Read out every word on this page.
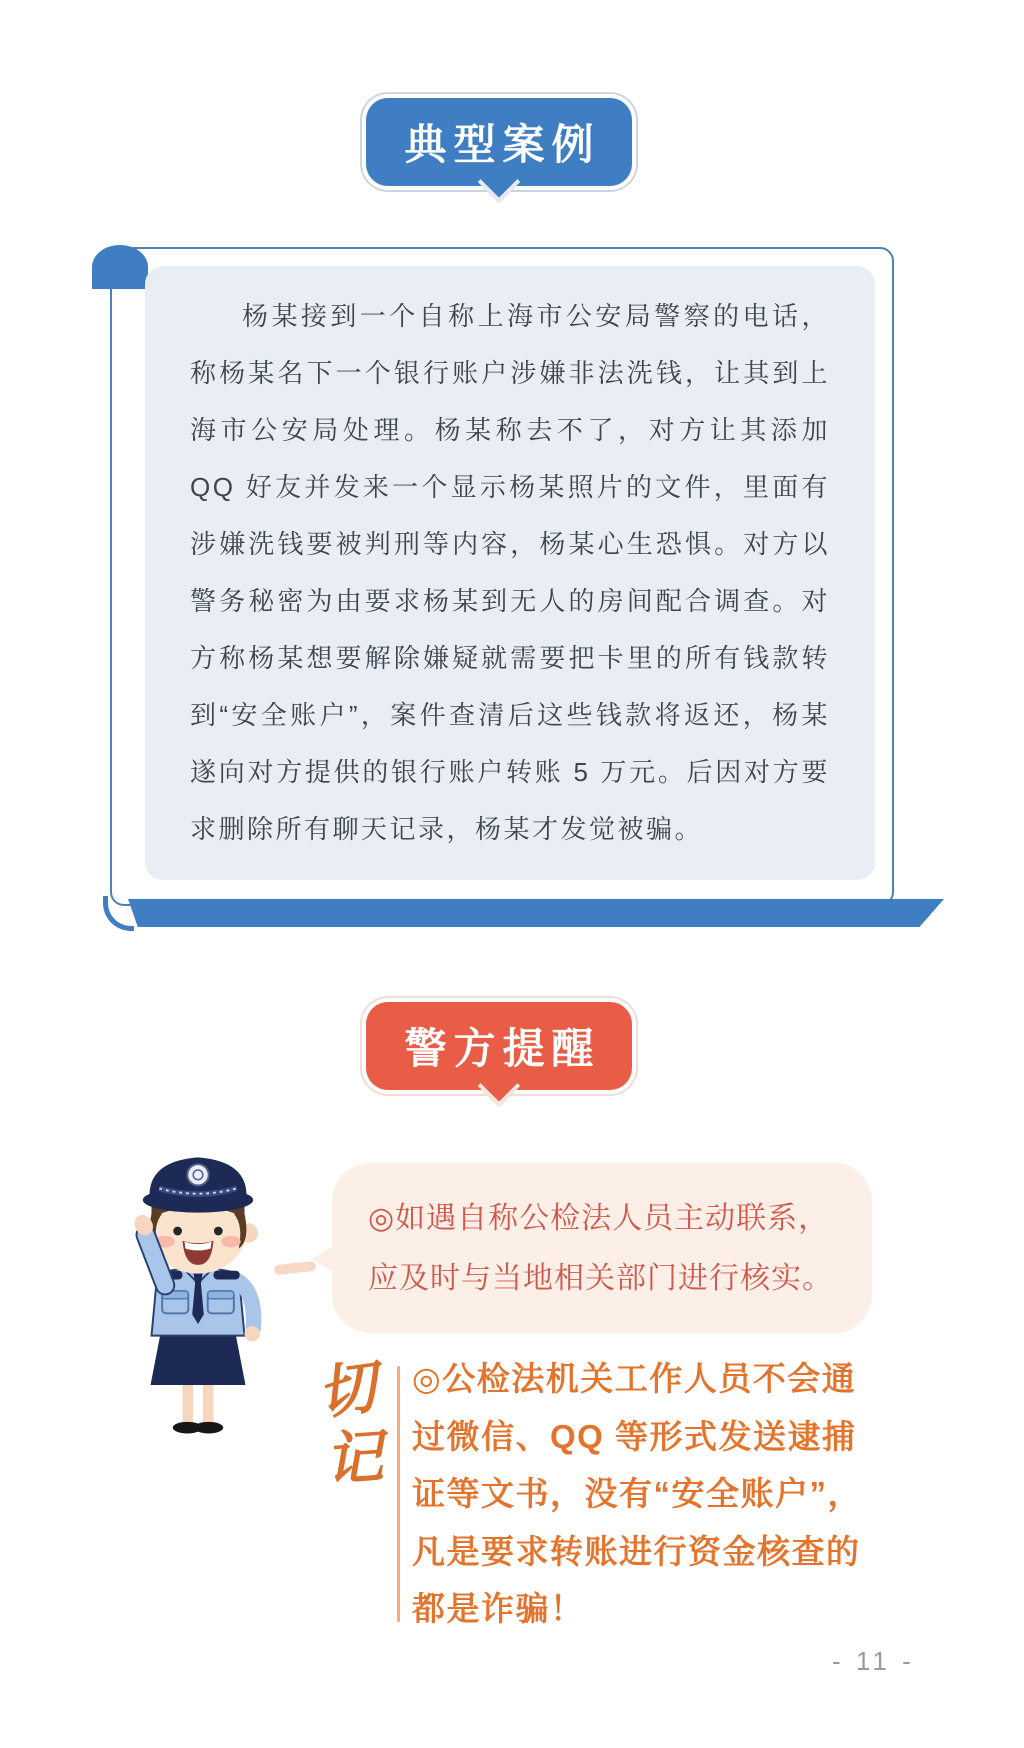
典型案例

杨某接到一个自称上海市公安局警察的电话，称杨某名下一个银行账户涉嫌非法洗钱，让其到上海市公安局处理。杨某称去不了，对方让其添加 QQ 好友并发来一个显示杨某照片的文件，里面有涉嫌洗钱要被判刑等内容，杨某心生恐惧。对方以警务秘密为由要求杨某到无人的房间配合调查。对方称杨某想要解除嫌疑就需要把卡里的所有钱款转到“安全账户”，案件查清后这些钱款将返还，杨某遂向对方提供的银行账户转账 5 万元。后因对方要求删除所有聊天记录，杨某才发觉被骗。

警方提醒
◎如遇自称公检法人员主动联系，
应及时与当地相关部门进行核实。
切
记
◎公检法机关工作人员不会通
过微信、QQ 等形式发送逮捕
证等文书，没有“安全账户”，
凡是要求转账进行资金核查的
都是诈骗！
- 11 -
